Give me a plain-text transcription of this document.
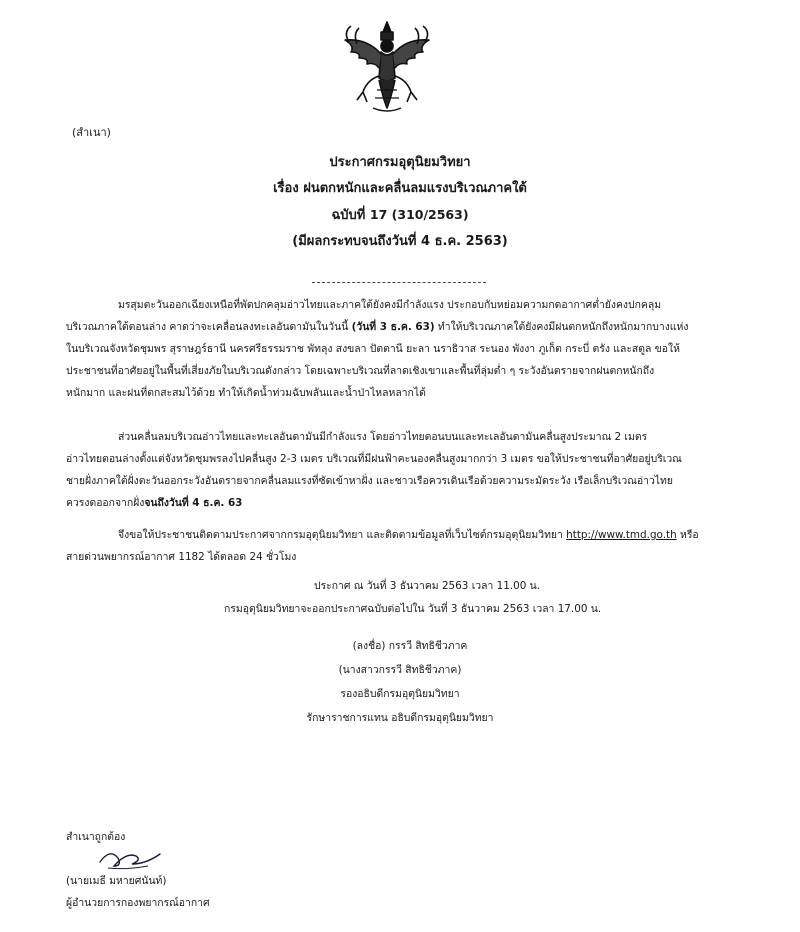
(สำเนา)
ประกาศกรมอุตุนิยมวิทยา
เรื่อง ฝนตกหนักและคลื่นลมแรงบริเวณภาคใต้
ฉบับที่ 17 (310/2563)
(มีผลกระทบจนถึงวันที่ 4 ธ.ค. 2563)
มรสุมตะวันออกเฉียงเหนือที่พัดปกคลุมอ่าวไทยและภาคใต้ยังคงมีกำลังแรง ประกอบกับหย่อมความกดอากาศต่ำยังคงปกคลุม
บริเวณภาคใต้ตอนล่าง คาดว่าจะเคลื่อนลงทะเลอันดามันในวันนี้ (วันที่ 3 ธ.ค. 63) ทำให้บริเวณภาคใต้ยังคงมีฝนตกหนักถึงหนักมากบางแห่ง
ในบริเวณจังหวัดชุมพร สุราษฎร์ธานี นครศรีธรรมราช พัทลุง สงขลา ปัตตานี ยะลา นราธิวาส ระนอง พังงา ภูเก็ต กระบี่ ตรัง และสตูล ขอให้
ประชาชนที่อาศัยอยู่ในพื้นที่เสี่ยงภัยในบริเวณดังกล่าว โดยเฉพาะบริเวณที่ลาดเชิงเขาและพื้นที่ลุ่มต่ำ ๆ ระวังอันตรายจากฝนตกหนักถึง
หนักมาก และฝนที่ตกสะสมไว้ด้วย ทำให้เกิดน้ำท่วมฉับพลันและน้ำป่าไหลหลากได้
ส่วนคลื่นลมบริเวณอ่าวไทยและทะเลอันดามันมีกำลังแรง โดยอ่าวไทยตอนบนและทะเลอันดามันคลื่นสูงประมาณ 2 เมตร
อ่าวไทยตอนล่างตั้งแต่จังหวัดชุมพรลงไปคลื่นสูง 2-3 เมตร บริเวณที่มีฝนฟ้าคะนองคลื่นสูงมากกว่า 3 เมตร ขอให้ประชาชนที่อาศัยอยู่บริเวณ
ชายฝั่งภาคใต้ฝั่งตะวันออกระวังอันตรายจากคลื่นลมแรงที่ซัดเข้าหาฝั่ง และชาวเรือควรเดินเรือด้วยความระมัดระวัง เรือเล็กบริเวณอ่าวไทย
ควรงดออกจากฝั่งจนถึงวันที่ 4 ธ.ค. 63
จึงขอให้ประชาชนติดตามประกาศจากกรมอุตุนิยมวิทยา และติดตามข้อมูลที่เว็บไซต์กรมอุตุนิยมวิทยา http://www.tmd.go.th หรือ
สายด่วนพยากรณ์อากาศ 1182 ได้ตลอด 24 ชั่วโมง
ประกาศ ณ วันที่ 3 ธันวาคม 2563 เวลา 11.00 น.
กรมอุตุนิยมวิทยาจะออกประกาศฉบับต่อไปใน วันที่ 3 ธันวาคม 2563 เวลา 17.00 น.
(ลงชื่อ) กรรวี สิทธิชีวภาค
(นางสาวกรรวี สิทธิชีวภาค)
รองอธิบดีกรมอุตุนิยมวิทยา
รักษาราชการแทน อธิบดีกรมอุตุนิยมวิทยา
สำเนาถูกต้อง
(นายเมธี มหายศนันท์)
ผู้อำนวยการกองพยากรณ์อากาศ
